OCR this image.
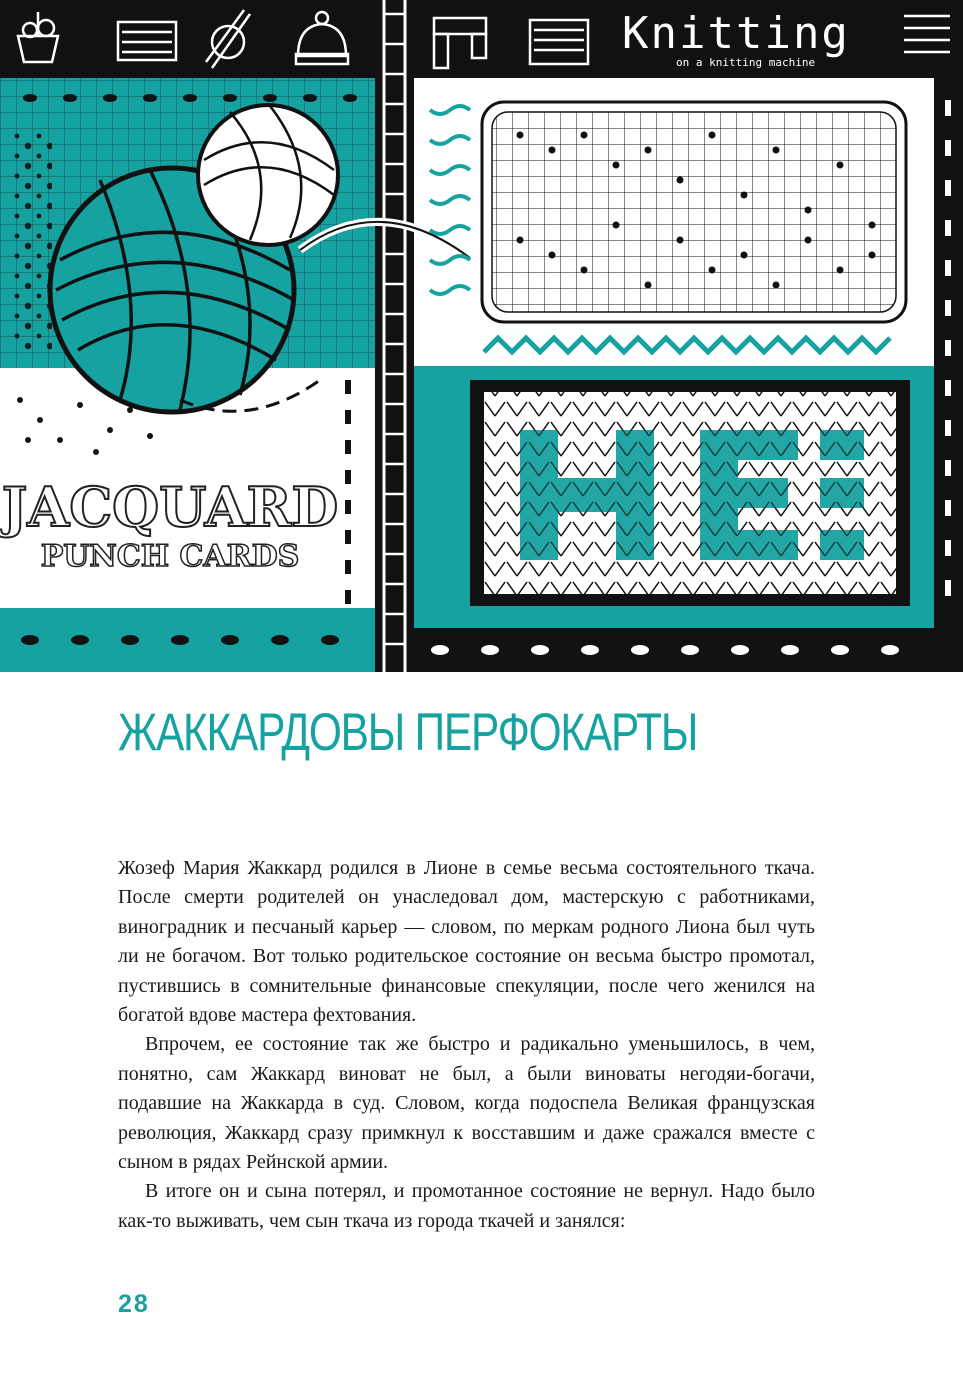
Knitting
on a knitting machine
JACQUARD
PUNCH CARDS
ЖАККАРДОВЫ ПЕРФОКАРТЫ

Жозеф Мария Жаккард родился в Лионе в семье весьма состоятельного ткача. После смерти родителей он унаследовал дом, мастерскую с работниками, виноградник и песчаный карьер — словом, по меркам родного Лиона был чуть ли не богачом. Вот только родительское состояние он весьма быстро промотал, пустившись в сомнительные финансовые спекуляции, после чего женился на богатой вдове мастера фехтования.

Впрочем, ее состояние так же быстро и радикально уменьшилось, в чем, понятно, сам Жаккард виноват не был, а были виноваты негодяи-богачи, подавшие на Жаккарда в суд. Словом, когда подоспела Великая французская революция, Жаккард сразу примкнул к восставшим и даже сражался вместе с сыном в рядах Рейнской армии.

В итоге он и сына потерял, и промотанное состояние не вернул. Надо было как-то выживать, чем сын ткача из города ткачей и занялся:

28
